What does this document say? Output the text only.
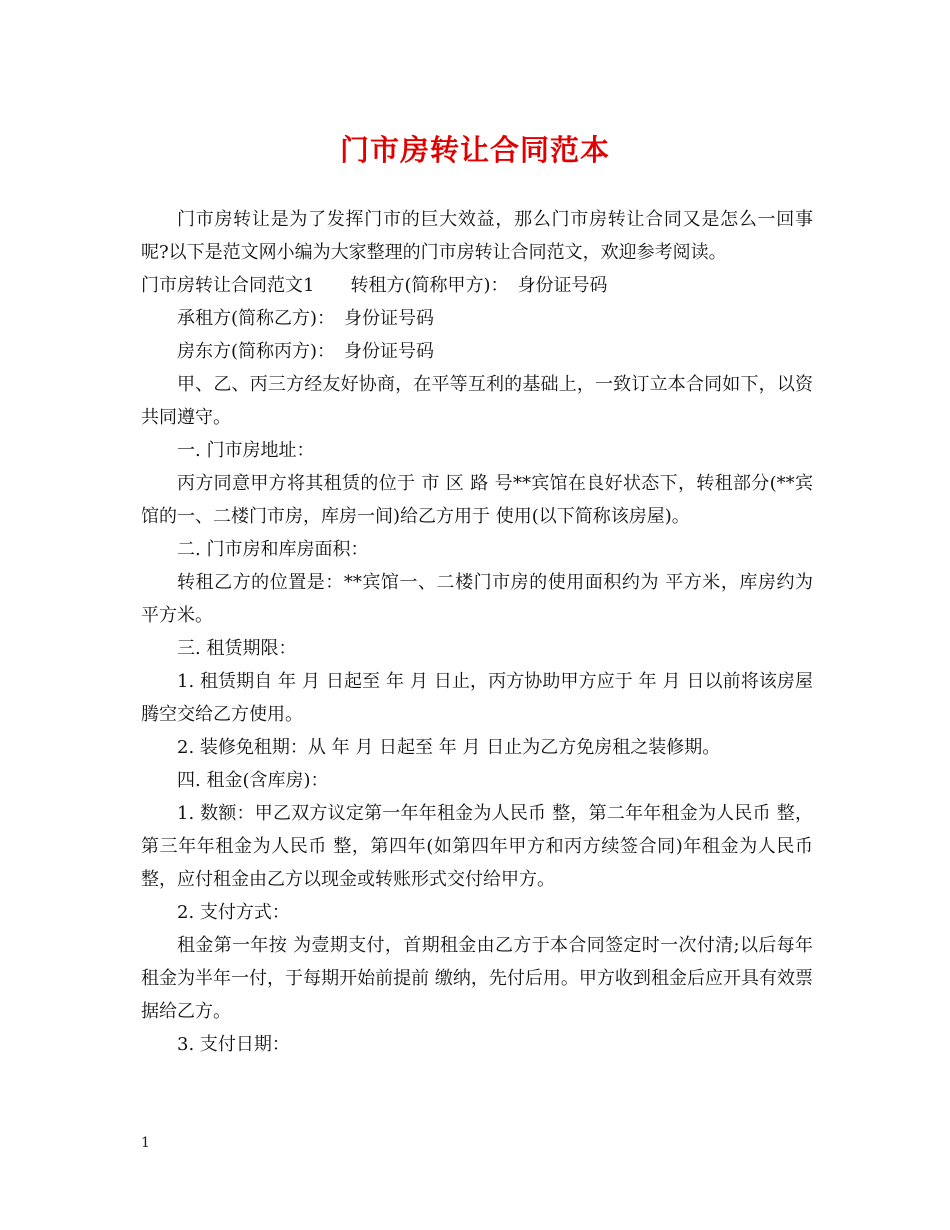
门市房转让合同范本

门市房转让是为了发挥门市的巨大效益，那么门市房转让合同又是怎么一回事呢?以下是范文网小编为大家整理的门市房转让合同范文，欢迎参考阅读。

门市房转让合同范文1　　转租方(简称甲方)：　身份证号码

承租方(简称乙方)：　身份证号码

房东方(简称丙方)：　身份证号码

甲、乙、丙三方经友好协商，在平等互利的基础上，一致订立本合同如下，以资共同遵守。

一. 门市房地址：

丙方同意甲方将其租赁的位于 市 区 路 号**宾馆在良好状态下，转租部分(**宾馆的一、二楼门市房，库房一间)给乙方用于 使用(以下简称该房屋)。

二. 门市房和库房面积：

转租乙方的位置是：**宾馆一、二楼门市房的使用面积约为 平方米，库房约为 平方米。

三. 租赁期限：

1. 租赁期自 年 月 日起至 年 月 日止，丙方协助甲方应于 年 月 日以前将该房屋腾空交给乙方使用。

2. 装修免租期：从 年 月 日起至 年 月 日止为乙方免房租之装修期。

四. 租金(含库房)：

1. 数额：甲乙双方议定第一年年租金为人民币 整，第二年年租金为人民币 整，第三年年租金为人民币 整，第四年(如第四年甲方和丙方续签合同)年租金为人民币 整，应付租金由乙方以现金或转账形式交付给甲方。

2. 支付方式：

租金第一年按 为壹期支付，首期租金由乙方于本合同签定时一次付清;以后每年租金为半年一付，于每期开始前提前 缴纳，先付后用。甲方收到租金后应开具有效票据给乙方。

3. 支付日期：

1
